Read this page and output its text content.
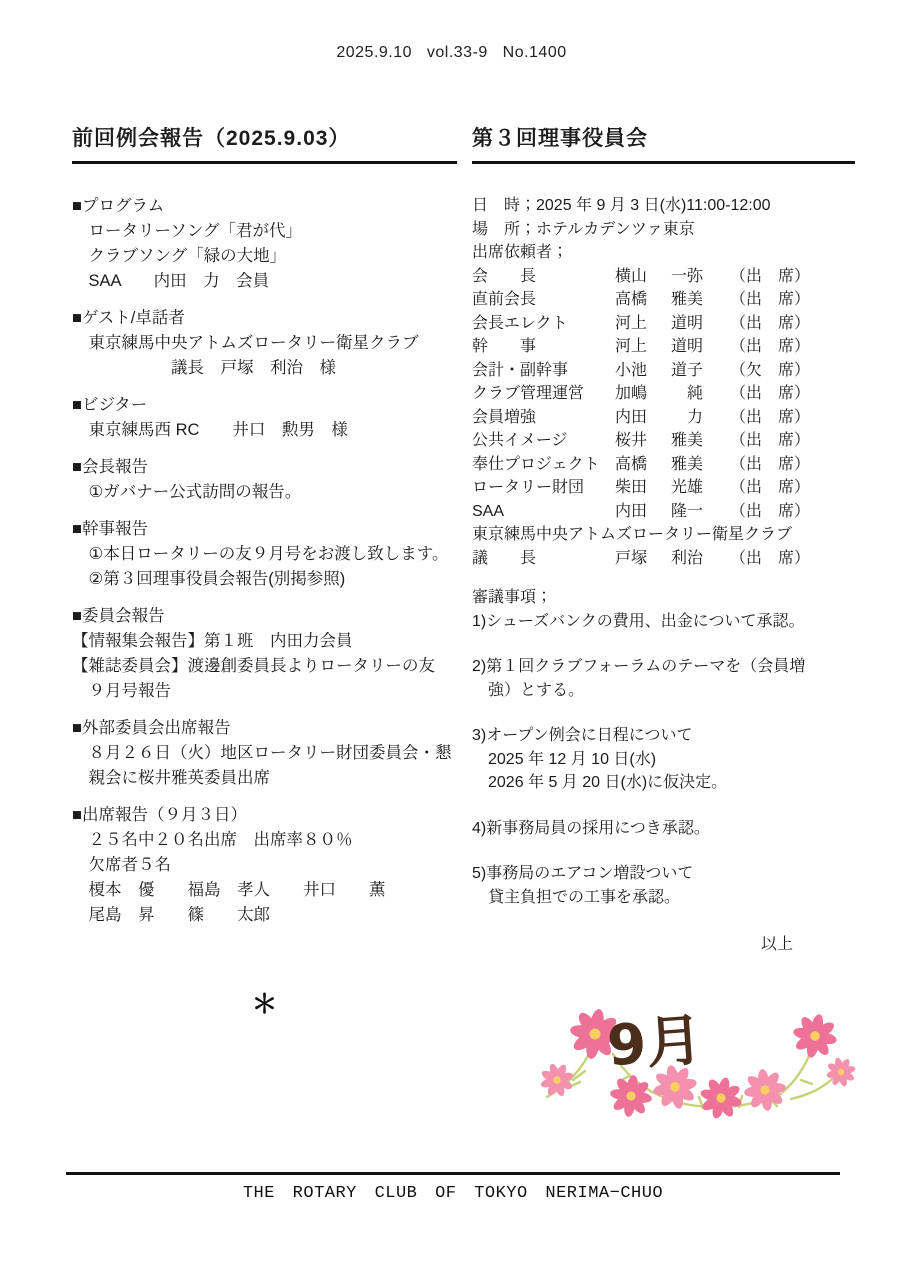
2025.9.10   vol.33-9   No.1400
前回例会報告（2025.9.03）
■プログラム
　ロータリーソング「君が代」
　クラブソング「緑の大地」
　SAA　　内田　力　会員
■ゲスト/卓話者
　東京練馬中央アトムズロータリー衛星クラブ
　　　　　　議長　戸塚　利治　様
■ビジター
　東京練馬西 RC　　井口　勲男　様
■会長報告
　①ガバナー公式訪問の報告。
■幹事報告
　①本日ロータリーの友９月号をお渡し致します。
　②第３回理事役員会報告(別掲参照)
■委員会報告
【情報集会報告】第１班　内田力会員
【雑誌委員会】渡邊創委員長よりロータリーの友
　９月号報告
■外部委員会出席報告
　８月２６日（火）地区ロータリー財団委員会・懇
　親会に桜井雅英委員出席
■出席報告（９月３日）
　２５名中２０名出席　出席率８０％
　欠席者５名
　榎本　優　　福島　孝人　　井口　　薫
　尾島　昇　　篠　　太郎
＊
第３回理事役員会
日　時；2025 年 9 月 3 日(水)11:00-12:00
場　所；ホテルカデンツァ東京
出席依頼者；
会　　長	横山 一弥 （出　席）
直前会長	高橋 雅美 （出　席）
会長エレクト	河上 道明 （出　席）
幹　　事	河上 道明 （出　席）
会計・副幹事	小池 道子 （欠　席）
クラブ管理運営	加嶋 純 （出　席）
会員増強	内田 力 （出　席）
公共イメージ	桜井 雅美 （出　席）
奉仕プロジェクト 高橋 雅美 （出　席）
ロータリー財団	柴田 光雄 （出　席）
SAA	内田 隆一 （出　席）
東京練馬中央アトムズロータリー衛星クラブ
議　　長	戸塚 利治 （出　席）
審議事項；
1)シューズバンクの費用、出金について承認。
2)第１回クラブフォーラムのテーマを（会員増
　強）とする。
3)オープン例会に日程について
　2025 年 12 月 10 日(水)
　2026 年 5 月 20 日(水)に仮決定。
4)新事務局員の採用につき承認。
5)事務局のエアコン増設ついて
　貸主負担での工事を承認。
以上
9月
THE ROTARY CLUB OF TOKYO NERIMA−CHUO
